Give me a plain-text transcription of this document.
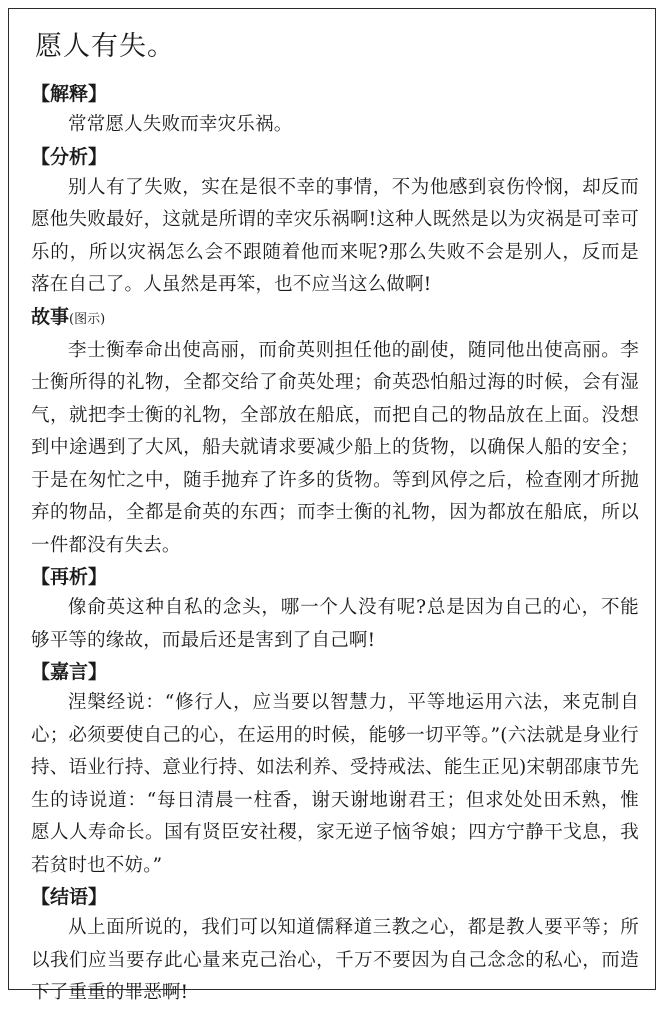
愿人有失。
【解释】

常常愿人失败而幸灾乐祸。

【分析】

别人有了失败，实在是很不幸的事情，不为他感到哀伤怜悯，却反而愿他失败最好，这就是所谓的幸灾乐祸啊!这种人既然是以为灾祸是可幸可乐的，所以灾祸怎么会不跟随着他而来呢?那么失败不会是别人，反而是落在自己了。人虽然是再笨，也不应当这么做啊!

故事(图示)

李士衡奉命出使高丽，而俞英则担任他的副使，随同他出使高丽。李士衡所得的礼物，全都交给了俞英处理；俞英恐怕船过海的时候，会有湿气，就把李士衡的礼物，全部放在船底，而把自己的物品放在上面。没想到中途遇到了大风，船夫就请求要减少船上的货物，以确保人船的安全；于是在匆忙之中，随手抛弃了许多的货物。等到风停之后，检查刚才所抛弃的物品，全都是俞英的东西；而李士衡的礼物，因为都放在船底，所以一件都没有失去。

【再析】

像俞英这种自私的念头，哪一个人没有呢?总是因为自己的心，不能够平等的缘故，而最后还是害到了自己啊!

【嘉言】

涅槃经说：“修行人，应当要以智慧力，平等地运用六法，来克制自心；必须要使自己的心，在运用的时候，能够一切平等。”(六法就是身业行持、语业行持、意业行持、如法利养、受持戒法、能生正见)宋朝邵康节先生的诗说道：“每日清晨一柱香，谢天谢地谢君王；但求处处田禾熟，惟愿人人寿命长。国有贤臣安社稷，家无逆子恼爷娘；四方宁静干戈息，我若贫时也不妨。”

【结语】

从上面所说的，我们可以知道儒释道三教之心，都是教人要平等；所以我们应当要存此心量来克己治心，千万不要因为自己念念的私心，而造下了重重的罪恶啊!
